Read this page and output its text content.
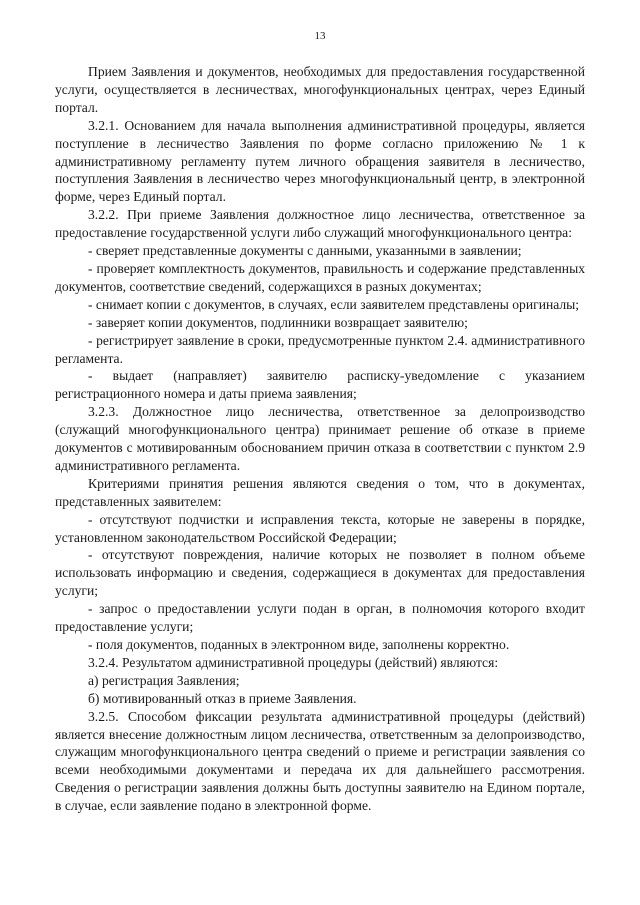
13

Прием Заявления и документов, необходимых для предоставления государственной услуги, осуществляется в лесничествах, многофункциональных центрах, через Единый портал.

3.2.1. Основанием для начала выполнения административной процедуры, является поступление в лесничество Заявления по форме согласно приложению № 1 к административному регламенту путем личного обращения заявителя в лесничество, поступления Заявления в лесничество через многофункциональный центр, в электронной форме, через Единый портал.

3.2.2. При приеме Заявления должностное лицо лесничества, ответственное за предоставление государственной услуги либо служащий многофункционального центра:

- сверяет представленные документы с данными, указанными в заявлении;

- проверяет комплектность документов, правильность и содержание представленных документов, соответствие сведений, содержащихся в разных документах;

- снимает копии с документов, в случаях, если заявителем представлены оригиналы;

- заверяет копии документов, подлинники возвращает заявителю;

- регистрирует заявление в сроки, предусмотренные пунктом 2.4. административного регламента.

- выдает (направляет) заявителю расписку-уведомление с указанием регистрационного номера и даты приема заявления;

3.2.3. Должностное лицо лесничества, ответственное за делопроизводство (служащий многофункционального центра) принимает решение об отказе в приеме документов с мотивированным обоснованием причин отказа в соответствии с пунктом 2.9 административного регламента.

Критериями принятия решения являются сведения о том, что в документах, представленных заявителем:

- отсутствуют подчистки и исправления текста, которые не заверены в порядке, установленном законодательством Российской Федерации;

- отсутствуют повреждения, наличие которых не позволяет в полном объеме использовать информацию и сведения, содержащиеся в документах для предоставления услуги;

- запрос о предоставлении услуги подан в орган, в полномочия которого входит предоставление услуги;

- поля документов, поданных в электронном виде, заполнены корректно.

3.2.4. Результатом административной процедуры (действий) являются:

а) регистрация Заявления;

б) мотивированный отказ в приеме Заявления.

3.2.5. Способом фиксации результата административной процедуры (действий) является внесение должностным лицом лесничества, ответственным за делопроизводство, служащим многофункционального центра сведений о приеме и регистрации заявления со всеми необходимыми документами и передача их для дальнейшего рассмотрения. Сведения о регистрации заявления должны быть доступны заявителю на Едином портале, в случае, если заявление подано в электронной форме.
